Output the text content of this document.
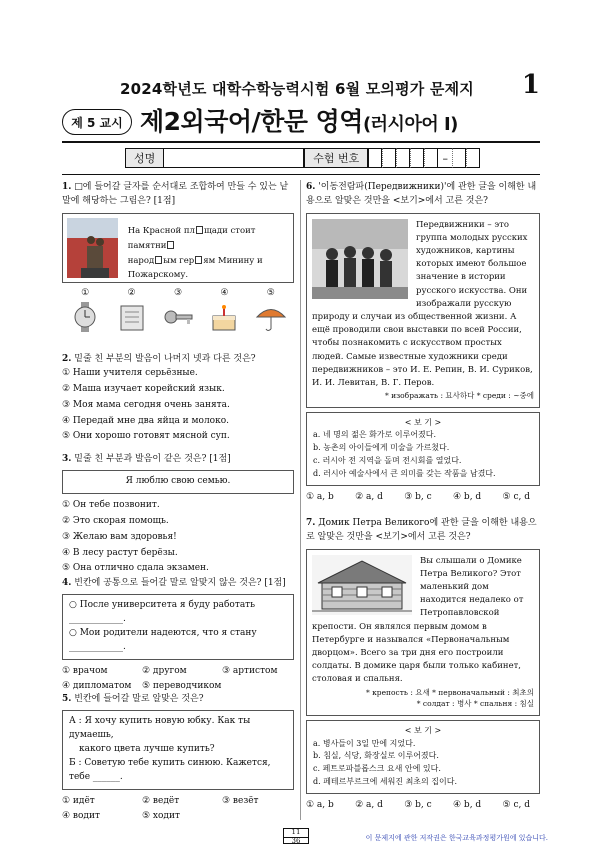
2024학년도 대학수학능력시험 6월 모의평가 문제지 1
제 5 교시 제2외국어/한문 영역(러시아어 Ⅰ)
성명	수험 번호	–
1. □에 들어갈 글자를 순서대로 조합하여 만들 수 있는 낱말에 해당하는 그림은? [1점]
На Красной пл щади стоит памятни
народ ым гер ям Минину и
Пожарскому.
①	②	③	④	⑤
2. 밑줄 친 부분의 발음이 나머지 넷과 다른 것은?
① Наши учителя серьёзные.
② Маша изучает корейский язык.
③ Моя мама сегодня очень занята.
④ Передай мне два яйца и молоко.
⑤ Они хорошо готовят мясной суп.
3. 밑줄 친 부분과 발음이 같은 것은? [1점]
Я люблю свою семью.
① Он тебе позвонит.
② Это скорая помощь.
③ Желаю вам здоровья!
④ В лесу растут берёзы.
⑤ Она отлично сдала экзамен.
4. 빈칸에 공통으로 들어갈 말로 알맞지 않은 것은? [1점]
○ После университета я буду работать ____________.
○ Мои родители надеются, что я стану ____________.
① врачом	② другом	③ артистом
④ дипломатом ⑤ переводчиком
5. 빈칸에 들어갈 말로 알맞은 것은?
А : Я хочу купить новую юбку. Как ты думаешь,
какого цвета лучше купить?
Б : Советую тебе купить синюю. Кажется, тебе ______.
① идёт	② ведёт	③ везёт
④ водит	⑤ ходит
6. '이동전람파(Передвижники)'에 관한 글을 이해한 내용으로 알맞은 것만을 <보기>에서 고른 것은?
Передвижники – это группа молодых русских художников, картины которых имеют большое значение в истории русского искусства. Они изображали русскую природу и случаи из общественной жизни. А ещё проводили свои выставки по всей России, чтобы познакомить с искусством простых людей. Самые известные художники среди передвижников – это И. Е. Репин, В. И. Суриков, И. И. Левитан, В. Г. Перов.
* изображать : 묘사하다 * среди : ~중에
< 보 기 >
a. 네 명의 젊은 화가로 이루어졌다.
b. 농촌의 아이들에게 미술을 가르쳤다.
c. 러시아 전 지역을 돌며 전시회를 열었다.
d. 러시아 예술사에서 큰 의미를 갖는 작품을 남겼다.
① a, b ② a, d ③ b, c ④ b, d ⑤ c, d
7. Домик Петра Великого에 관한 글을 이해한 내용으로 알맞은 것만을 <보기>에서 고른 것은?
Вы слышали о Домике Петра Великого? Этот маленький дом находится недалеко от Петропавловской крепости. Он являлся первым домом в Петербурге и назывался «Первоначальным дворцом». Всего за три дня его построили солдаты. В домике царя были только кабинет, столовая и спальня.
* крепость : 요새 * первоначальный : 최초의
* солдат : 병사 * спальня : 침실
< 보 기 >
a. 병사들이 3일 만에 지었다.
b. 침실, 식당, 화장실로 이루어졌다.
c. 페트로파블롭스크 요새 안에 있다.
d. 페테르부르크에 세워진 최초의 집이다.
① a, b ② a, d ③ b, c ④ b, d ⑤ c, d
11
36	이 문제지에 관한 저작권은 한국교육과정평가원에 있습니다.
